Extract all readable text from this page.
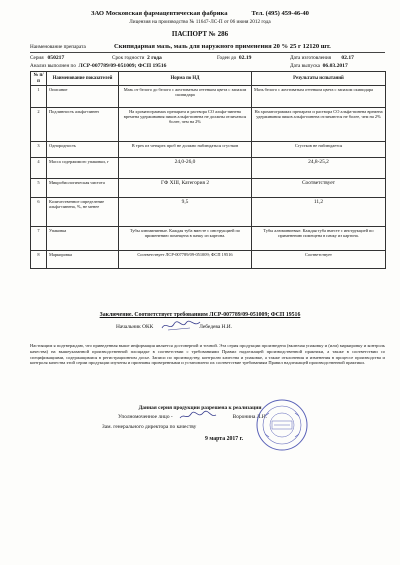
ЗАО Московская фармацевтическая фабрика	Тел. (495) 459-46-40
Лицензия на производство № 11647-ЛС-П от 06 июня 2012 года
ПАСПОРТ № 286
Наименование препарата	Скипидарная мазь, мазь для наружного применения 20 % 25 г 12120 шт.
Серия 050217	Срок годности 2 года	Годен до 02.19	Дата изготовления 02.17
Анализ выполнен по ЛСР-007789/09-051009; ФСП 19516	Дата выпуска 06.03.2017
№ п/п	Наименование показателей	Норма по НД	Результаты испытаний
1	Описание	Мазь от белого до белого с желтоватым оттенком цвета с запахом скипидара	Мазь белого с желтоватым оттенком цвета с запахом скипидара
2	Подлинность альфа-пинен	На хроматограммах препарата и раствора СО альфа-пинена времена удерживания пиков альфа-пинена не должны отличаться более, чем на 2%	На хроматограммах препарата и раствора СО альфа-пинена времена удерживания пиков альфа-пинена отличаются не более, чем на 2%
3	Однородность	В трех из четырех проб не должно наблюдаться сгустков	Сгустков не наблюдается
4	Масса содержимого упаковки, г	24,0-26,0	24,8-25,2
5	Микробиологическая чистота	ГФ XIII, Категория 2	Соответствует
6	Количественное определение альфа-пинена, %, не менее	9,5	11,2
7	Упаковка	Тубы алюминиевые. Каждая туба вместе с инструкцией по применению помещена в пачку из картона.	Тубы алюминиевые. Каждая туба вместе с инструкцией по применению помещена в пачку из картона.
8	Маркировка	Соответствует ЛСР-007789/09-051009; ФСП 19516	Соответствует
Заключение. Соответствует требованиям ЛСР-007789/09-051009; ФСП 19516
Начальник ОКК	Лебедева Н.И.
Настоящим я подтверждаю, что приведенная выше информация является достоверной и точной. Эта серия продукции произведена (включая упаковку и (или) маркировку и контроль качества) на вышеуказанной производственной площадке в соответствии с требованиями Правил надлежащей производственной практики, а также в соответствии со спецификациями, содержащимися в регистрационном досье. Записи по производству, контролю качества и упаковке, а также отклонения и изменения в процессе производства и контроля качества этой серии продукции изучены и признаны проверенными и установлено их соответствие требованиям Правил надлежащей производственной практики.
Данная серия продукции разрешена к реализации
Уполномоченное лицо -	Воронина Л.Н.
Зам. генерального директора по качеству
9 марта 2017 г.
